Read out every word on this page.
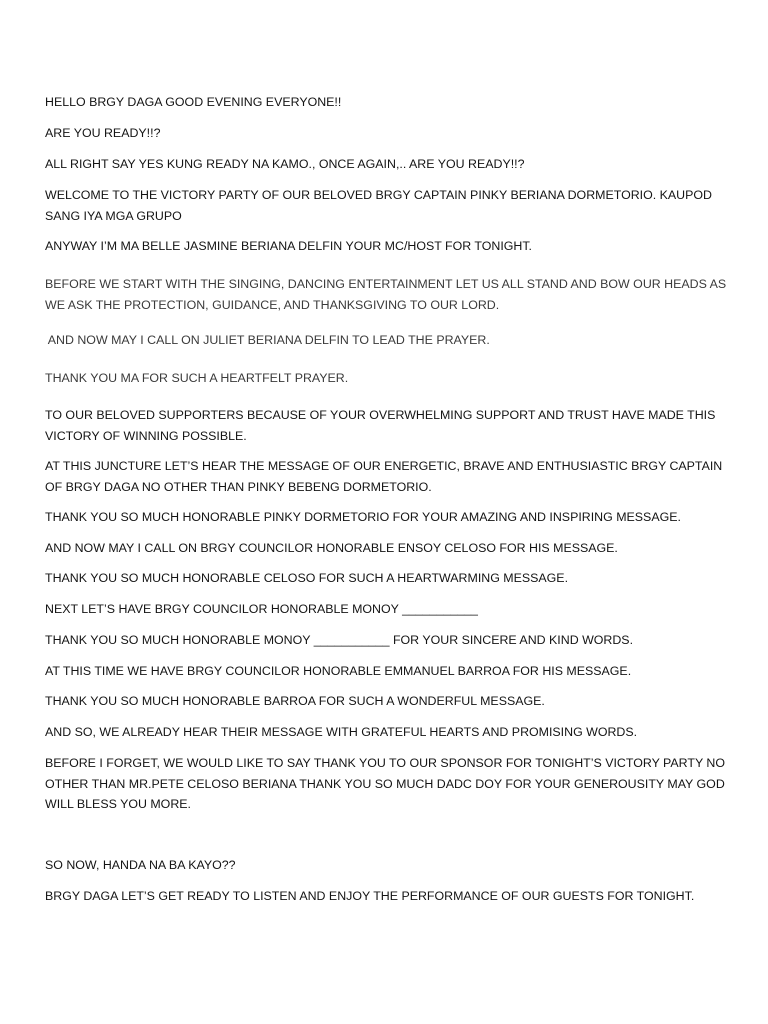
HELLO BRGY DAGA GOOD EVENING EVERYONE!!

ARE YOU READY!!?

ALL RIGHT SAY YES KUNG READY NA KAMO., ONCE AGAIN,.. ARE YOU READY!!?

WELCOME TO THE VICTORY PARTY OF OUR BELOVED BRGY CAPTAIN PINKY BERIANA DORMETORIO. KAUPOD SANG IYA MGA GRUPO

ANYWAY I’M MA BELLE JASMINE BERIANA DELFIN YOUR MC/HOST FOR TONIGHT.

BEFORE WE START WITH THE SINGING, DANCING ENTERTAINMENT LET US ALL STAND AND BOW OUR HEADS AS WE ASK THE PROTECTION, GUIDANCE, AND THANKSGIVING TO OUR LORD.

AND NOW MAY I CALL ON JULIET BERIANA DELFIN TO LEAD THE PRAYER.

THANK YOU MA FOR SUCH A HEARTFELT PRAYER.

TO OUR BELOVED SUPPORTERS BECAUSE OF YOUR OVERWHELMING SUPPORT AND TRUST HAVE MADE THIS VICTORY OF WINNING POSSIBLE.

AT THIS JUNCTURE LET’S HEAR THE MESSAGE OF OUR ENERGETIC, BRAVE AND ENTHUSIASTIC BRGY CAPTAIN OF BRGY DAGA NO OTHER THAN PINKY BEBENG DORMETORIO.

THANK YOU SO MUCH HONORABLE PINKY DORMETORIO FOR YOUR AMAZING AND INSPIRING MESSAGE.

AND NOW MAY I CALL ON BRGY COUNCILOR HONORABLE ENSOY CELOSO FOR HIS MESSAGE.

THANK YOU SO MUCH HONORABLE CELOSO FOR SUCH A HEARTWARMING MESSAGE.

NEXT LET’S HAVE BRGY COUNCILOR HONORABLE MONOY ___________

THANK YOU SO MUCH HONORABLE MONOY ___________ FOR YOUR SINCERE AND KIND WORDS.

AT THIS TIME WE HAVE BRGY COUNCILOR HONORABLE EMMANUEL BARROA FOR HIS MESSAGE.

THANK YOU SO MUCH HONORABLE BARROA FOR SUCH A WONDERFUL MESSAGE.

AND SO, WE ALREADY HEAR THEIR MESSAGE WITH GRATEFUL HEARTS AND PROMISING WORDS.

BEFORE I FORGET, WE WOULD LIKE TO SAY THANK YOU TO OUR SPONSOR FOR TONIGHT’S VICTORY PARTY NO OTHER THAN MR.PETE CELOSO BERIANA THANK YOU SO MUCH DADC DOY FOR YOUR GENEROUSITY MAY GOD WILL BLESS YOU MORE.

SO NOW, HANDA NA BA KAYO??

BRGY DAGA LET’S GET READY TO LISTEN AND ENJOY THE PERFORMANCE OF OUR GUESTS FOR TONIGHT.
